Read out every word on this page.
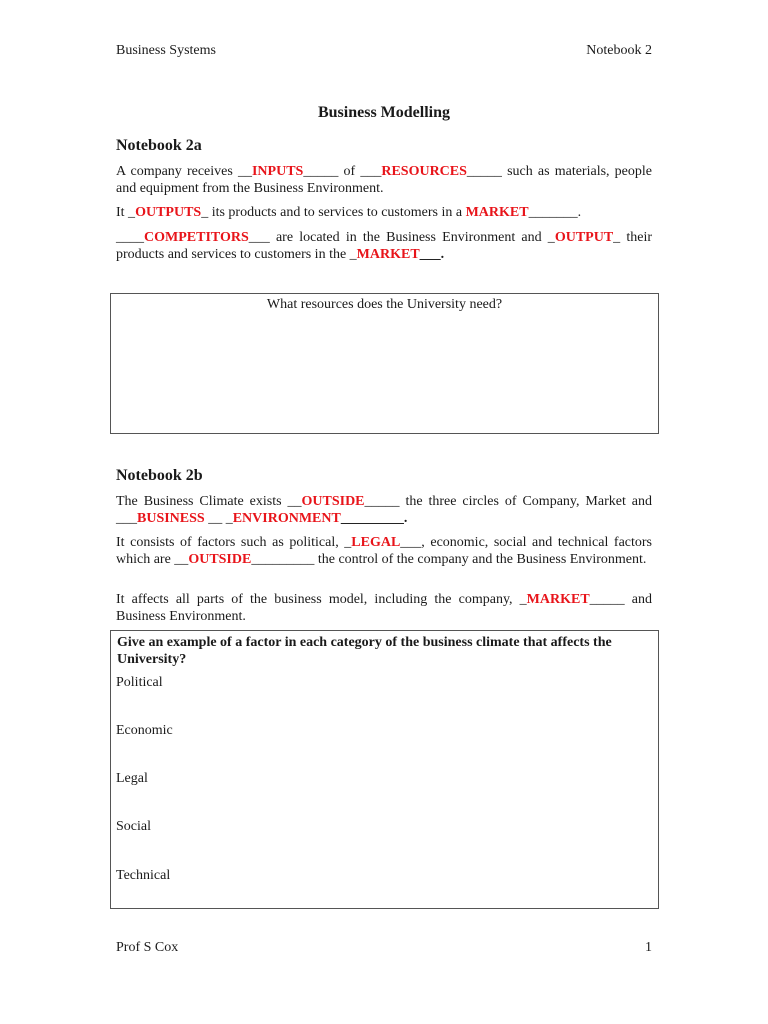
Business Systems	Notebook 2
Business Modelling
Notebook 2a
A company receives __INPUTS_____ of ___RESOURCES_____ such as materials, people and equipment from the Business Environment.
It _OUTPUTS_ its products and to services to customers in a MARKET_______.
____COMPETITORS___ are located in the Business Environment and _OUTPUT_ their products and services to customers in the _MARKET___.
What resources does the University need?
Notebook 2b
The Business Climate exists __OUTSIDE_____ the three circles of Company, Market and ___BUSINESS __ _ENVIRONMENT_________.
It consists of factors such as political, _LEGAL___, economic, social and technical factors which are __OUTSIDE_________ the control of the company and the Business Environment.
It affects all parts of the business model, including the company, _MARKET_____ and Business Environment.
Give an example of a factor in each category of the business climate that affects the University?
Political
Economic
Legal
Social
Technical
Prof S Cox	1
